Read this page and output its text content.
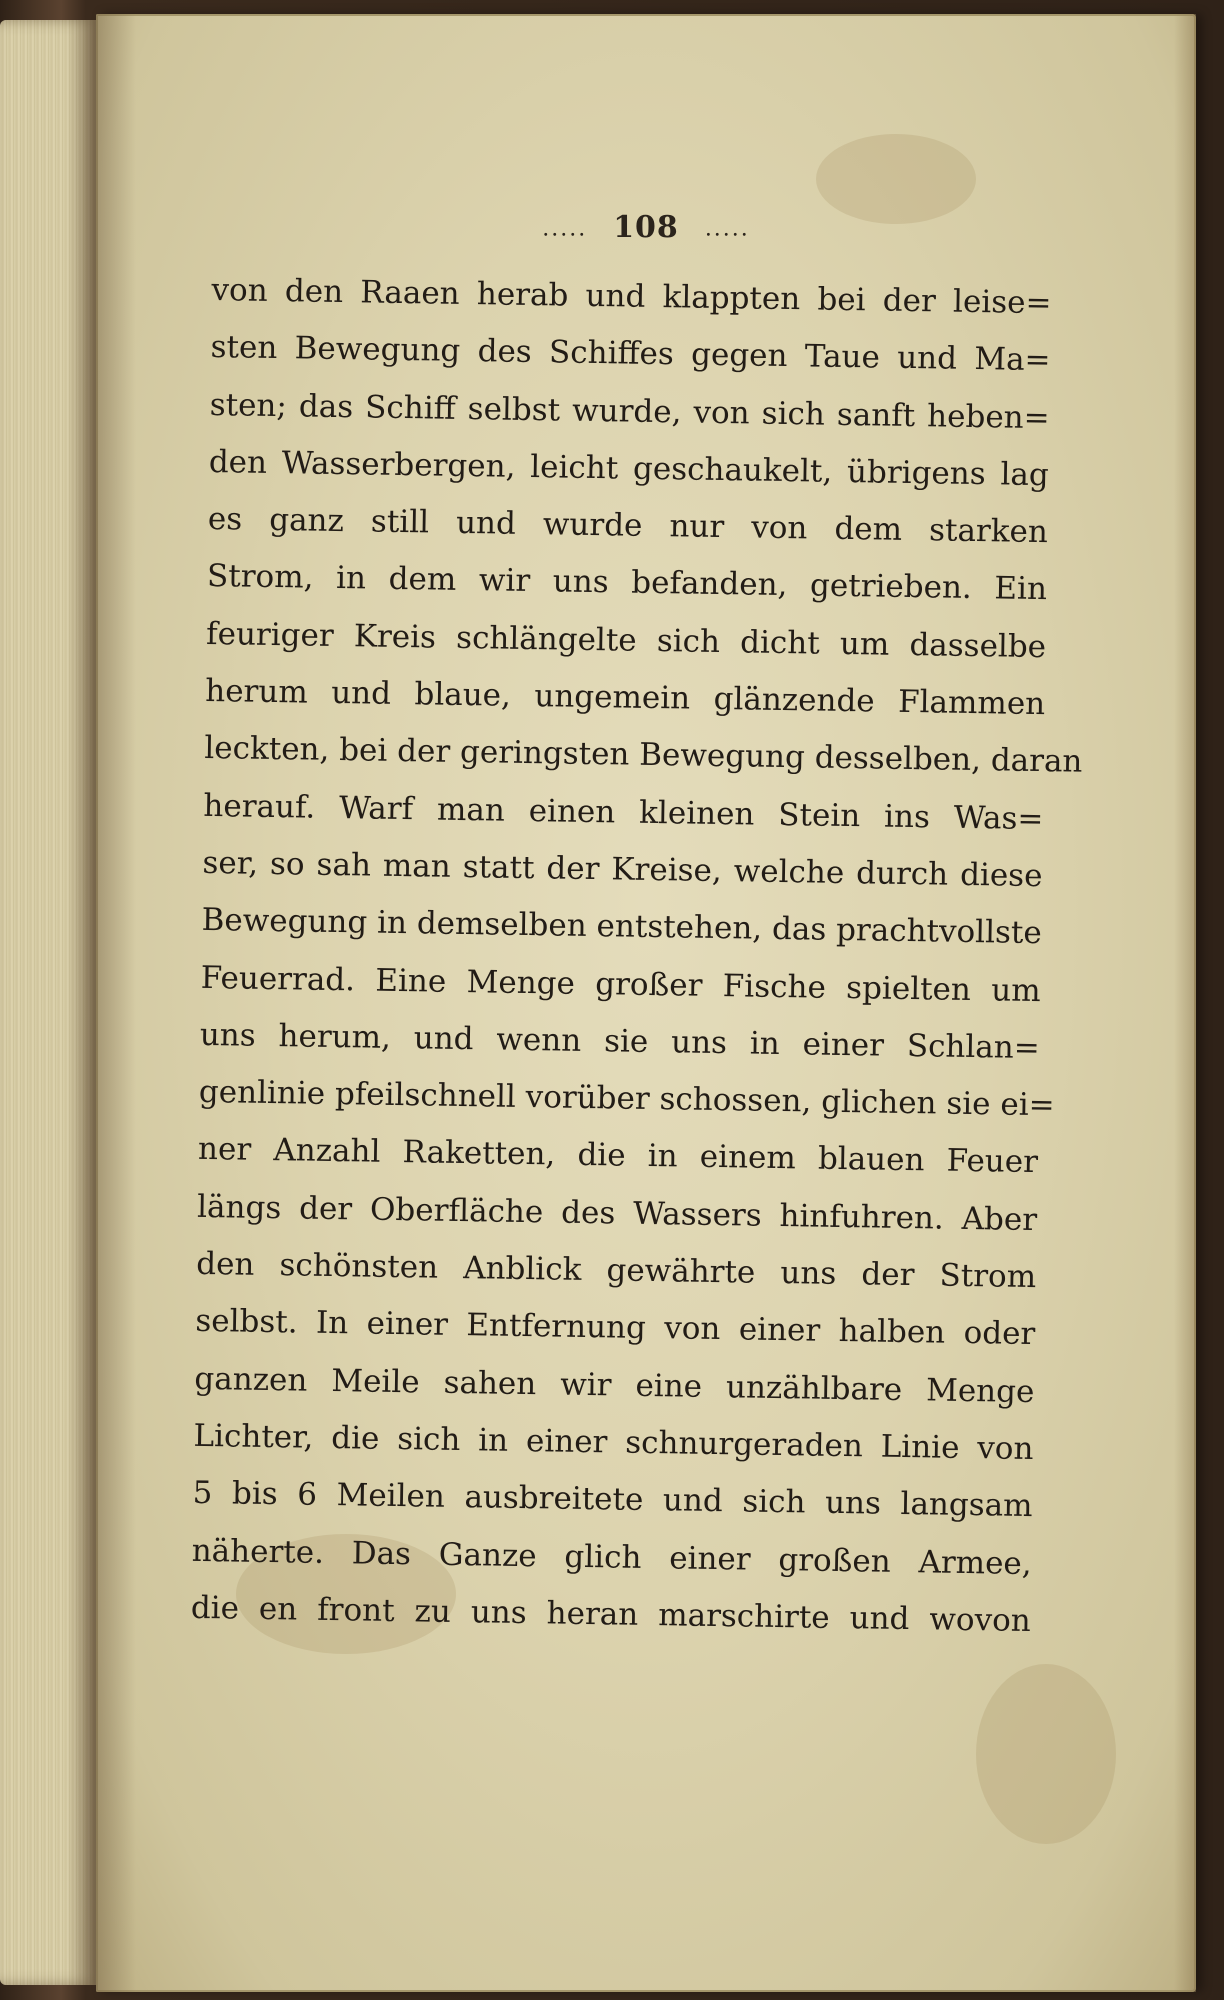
..... 108 .....
von den Raaen herab und klappten bei der leise=
sten Bewegung des Schiffes gegen Taue und Ma=
sten; das Schiff selbst wurde, von sich sanft heben=
den Wasserbergen, leicht geschaukelt, übrigens lag
es ganz still und wurde nur von dem starken
Strom, in dem wir uns befanden, getrieben. Ein
feuriger Kreis schlängelte sich dicht um dasselbe
herum und blaue, ungemein glänzende Flammen
leckten, bei der geringsten Bewegung desselben, daran
herauf. Warf man einen kleinen Stein ins Was=
ser, so sah man statt der Kreise, welche durch diese
Bewegung in demselben entstehen, das prachtvollste
Feuerrad. Eine Menge großer Fische spielten um
uns herum, und wenn sie uns in einer Schlan=
genlinie pfeilschnell vorüber schossen, glichen sie ei=
ner Anzahl Raketten, die in einem blauen Feuer
längs der Oberfläche des Wassers hinfuhren. Aber
den schönsten Anblick gewährte uns der Strom
selbst. In einer Entfernung von einer halben oder
ganzen Meile sahen wir eine unzählbare Menge
Lichter, die sich in einer schnurgeraden Linie von
5 bis 6 Meilen ausbreitete und sich uns langsam
näherte. Das Ganze glich einer großen Armee,
die en front zu uns heran marschirte und wovon
